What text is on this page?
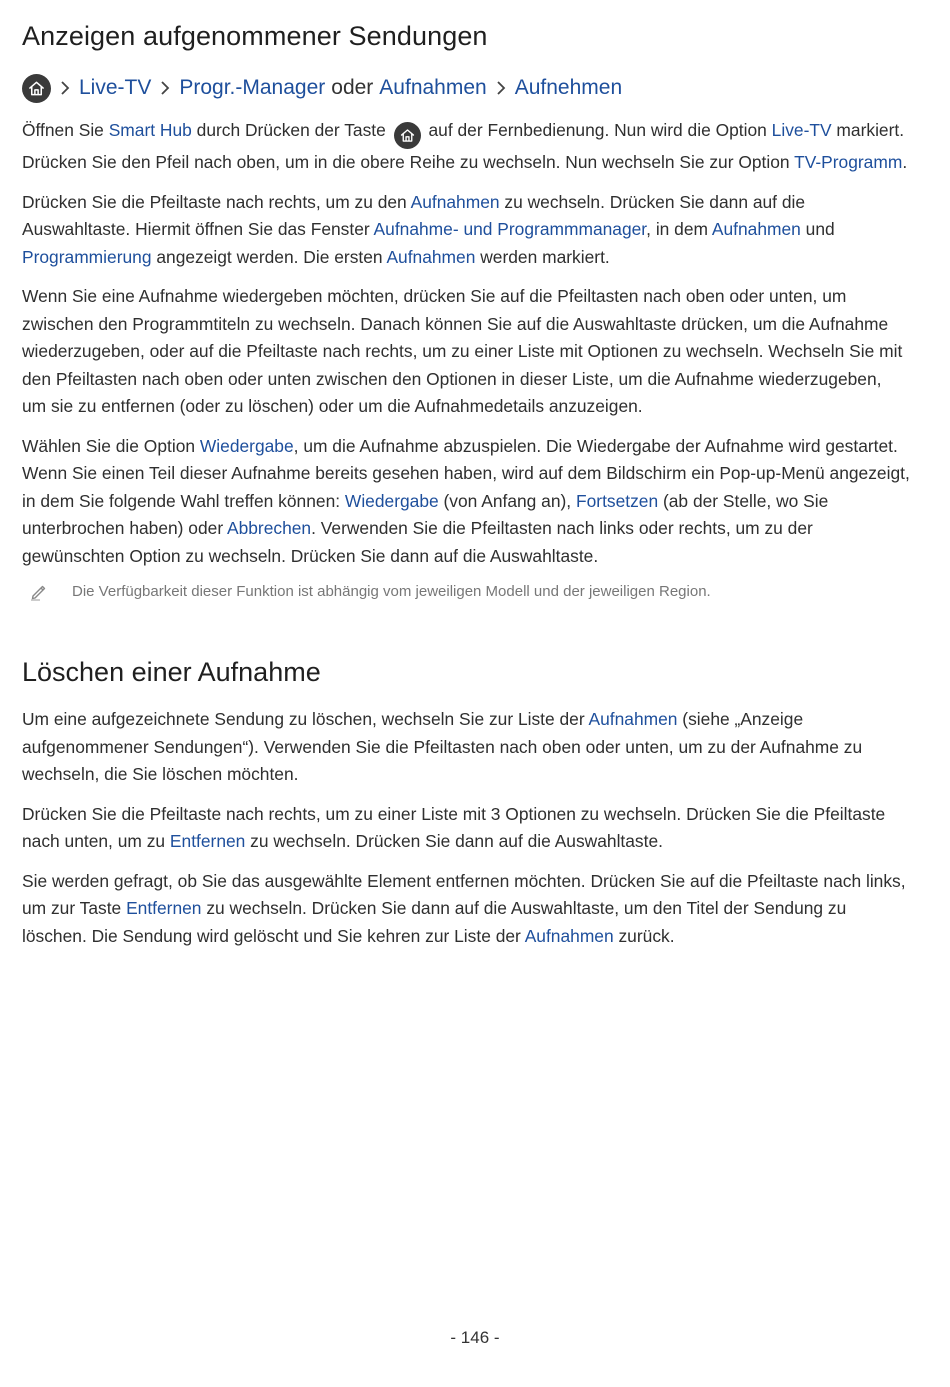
Anzeigen aufgenommener Sendungen
Live-TV Progr.-Manager oder Aufnahmen Aufnehmen

Öffnen Sie Smart Hub durch Drücken der Taste
auf der Fernbedienung. Nun wird die Option Live-TV markiert. Drücken Sie den Pfeil nach oben, um in die obere Reihe zu wechseln. Nun wechseln Sie zur Option TV-Programm.

Drücken Sie die Pfeiltaste nach rechts, um zu den Aufnahmen zu wechseln. Drücken Sie dann auf die Auswahltaste. Hiermit öffnen Sie das Fenster Aufnahme- und Programmmanager, in dem Aufnahmen und Programmierung angezeigt werden. Die ersten Aufnahmen werden markiert.

Wenn Sie eine Aufnahme wiedergeben möchten, drücken Sie auf die Pfeiltasten nach oben oder unten, um zwischen den Programmtiteln zu wechseln. Danach können Sie auf die Auswahltaste drücken, um die Aufnahme wiederzugeben, oder auf die Pfeiltaste nach rechts, um zu einer Liste mit Optionen zu wechseln. Wechseln Sie mit den Pfeiltasten nach oben oder unten zwischen den Optionen in dieser Liste, um die Aufnahme wiederzugeben, um sie zu entfernen (oder zu löschen) oder um die Aufnahmedetails anzuzeigen.

Wählen Sie die Option Wiedergabe, um die Aufnahme abzuspielen. Die Wiedergabe der Aufnahme wird gestartet. Wenn Sie einen Teil dieser Aufnahme bereits gesehen haben, wird auf dem Bildschirm ein Pop-up-Menü angezeigt, in dem Sie folgende Wahl treffen können: Wiedergabe (von Anfang an), Fortsetzen (ab der Stelle, wo Sie unterbrochen haben) oder Abbrechen. Verwenden Sie die Pfeiltasten nach links oder rechts, um zu der gewünschten Option zu wechseln. Drücken Sie dann auf die Auswahltaste.

Die Verfügbarkeit dieser Funktion ist abhängig vom jeweiligen Modell und der jeweiligen Region.
Löschen einer Aufnahme

Um eine aufgezeichnete Sendung zu löschen, wechseln Sie zur Liste der Aufnahmen (siehe „Anzeige aufgenommener Sendungen“). Verwenden Sie die Pfeiltasten nach oben oder unten, um zu der Aufnahme zu wechseln, die Sie löschen möchten.

Drücken Sie die Pfeiltaste nach rechts, um zu einer Liste mit 3 Optionen zu wechseln. Drücken Sie die Pfeiltaste nach unten, um zu Entfernen zu wechseln. Drücken Sie dann auf die Auswahltaste.

Sie werden gefragt, ob Sie das ausgewählte Element entfernen möchten. Drücken Sie auf die Pfeiltaste nach links, um zur Taste Entfernen zu wechseln. Drücken Sie dann auf die Auswahltaste, um den Titel der Sendung zu löschen. Die Sendung wird gelöscht und Sie kehren zur Liste der Aufnahmen zurück.

- 146 -
